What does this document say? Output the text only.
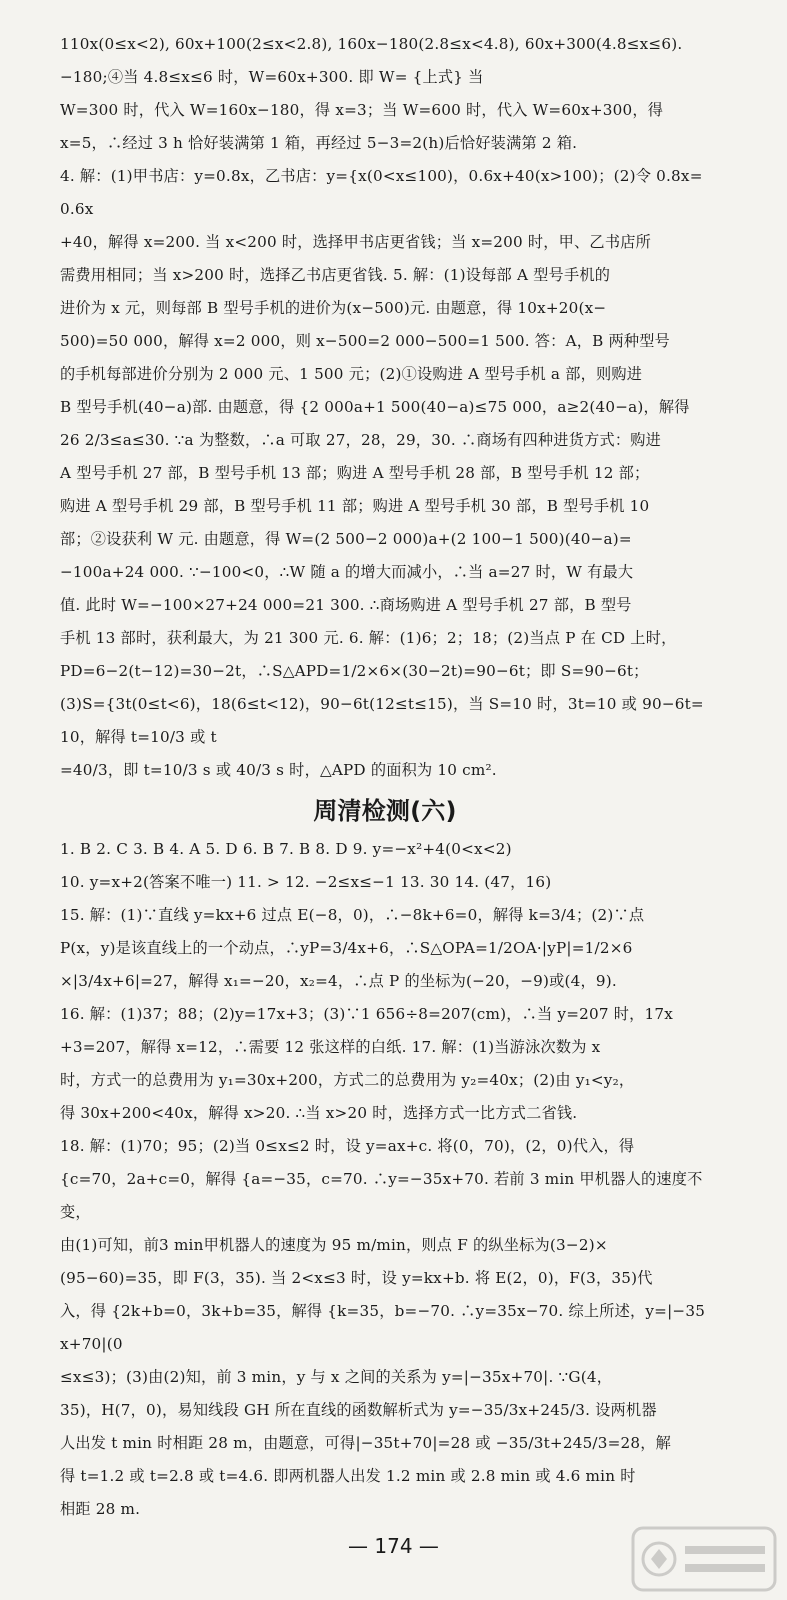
110x(0≤x<2), 60x+100(2≤x<2.8), 160x−180(2.8≤x<4.8), 60x+300(4.8≤x≤6).

−180;④当 4.8≤x≤6 时，W=60x+300. 即 W= {上式} 当

W=300 时，代入 W=160x−180，得 x=3；当 W=600 时，代入 W=60x+300，得

x=5，∴经过 3 h 恰好装满第 1 箱，再经过 5−3=2(h)后恰好装满第 2 箱.

4. 解：(1)甲书店：y=0.8x，乙书店：y={x(0<x≤100)，0.6x+40(x>100)；(2)令 0.8x=0.6x

+40，解得 x=200. 当 x<200 时，选择甲书店更省钱；当 x=200 时，甲、乙书店所

需费用相同；当 x>200 时，选择乙书店更省钱. 5. 解：(1)设每部 A 型号手机的

进价为 x 元，则每部 B 型号手机的进价为(x−500)元. 由题意，得 10x+20(x−

500)=50 000，解得 x=2 000，则 x−500=2 000−500=1 500. 答：A，B 两种型号

的手机每部进价分别为 2 000 元、1 500 元；(2)①设购进 A 型号手机 a 部，则购进

B 型号手机(40−a)部. 由题意，得 {2 000a+1 500(40−a)≤75 000，a≥2(40−a)，解得

26 2/3≤a≤30. ∵a 为整数，∴a 可取 27，28，29，30. ∴商场有四种进货方式：购进

A 型号手机 27 部，B 型号手机 13 部；购进 A 型号手机 28 部，B 型号手机 12 部；

购进 A 型号手机 29 部，B 型号手机 11 部；购进 A 型号手机 30 部，B 型号手机 10

部；②设获利 W 元. 由题意，得 W=(2 500−2 000)a+(2 100−1 500)(40−a)=

−100a+24 000. ∵−100<0，∴W 随 a 的增大而减小，∴当 a=27 时，W 有最大

值. 此时 W=−100×27+24 000=21 300. ∴商场购进 A 型号手机 27 部，B 型号

手机 13 部时，获利最大，为 21 300 元. 6. 解：(1)6；2；18；(2)当点 P 在 CD 上时，

PD=6−2(t−12)=30−2t，∴S△APD=1/2×6×(30−2t)=90−6t；即 S=90−6t；

(3)S={3t(0≤t<6)，18(6≤t<12)，90−6t(12≤t≤15)，当 S=10 时，3t=10 或 90−6t=10，解得 t=10/3 或 t

=40/3，即 t=10/3 s 或 40/3 s 时，△APD 的面积为 10 cm².

周清检测(六)

1. B 2. C 3. B 4. A 5. D 6. B 7. B 8. D 9. y=−x²+4(0<x<2)

10. y=x+2(答案不唯一) 11. > 12. −2≤x≤−1 13. 30 14. (47，16)

15. 解：(1)∵直线 y=kx+6 过点 E(−8，0)，∴−8k+6=0，解得 k=3/4；(2)∵点

P(x，y)是该直线上的一个动点，∴yP=3/4x+6，∴S△OPA=1/2OA·|yP|=1/2×6

×|3/4x+6|=27，解得 x₁=−20，x₂=4，∴点 P 的坐标为(−20，−9)或(4，9).

16. 解：(1)37；88；(2)y=17x+3；(3)∵1 656÷8=207(cm)，∴当 y=207 时，17x

+3=207，解得 x=12，∴需要 12 张这样的白纸. 17. 解：(1)当游泳次数为 x

时，方式一的总费用为 y₁=30x+200，方式二的总费用为 y₂=40x；(2)由 y₁<y₂，

得 30x+200<40x，解得 x>20. ∴当 x>20 时，选择方式一比方式二省钱.

18. 解：(1)70；95；(2)当 0≤x≤2 时，设 y=ax+c. 将(0，70)，(2，0)代入，得

{c=70，2a+c=0，解得 {a=−35，c=70. ∴y=−35x+70. 若前 3 min 甲机器人的速度不变，

由(1)可知，前3 min甲机器人的速度为 95 m/min，则点 F 的纵坐标为(3−2)×

(95−60)=35，即 F(3，35). 当 2<x≤3 时，设 y=kx+b. 将 E(2，0)，F(3，35)代

入，得 {2k+b=0，3k+b=35，解得 {k=35，b=−70. ∴y=35x−70. 综上所述，y=|−35x+70|(0

≤x≤3)；(3)由(2)知，前 3 min，y 与 x 之间的关系为 y=|−35x+70|. ∵G(4，

35)，H(7，0)，易知线段 GH 所在直线的函数解析式为 y=−35/3x+245/3. 设两机器

人出发 t min 时相距 28 m，由题意，可得|−35t+70|=28 或 −35/3t+245/3=28，解

得 t=1.2 或 t=2.8 或 t=4.6. 即两机器人出发 1.2 min 或 2.8 min 或 4.6 min 时

相距 28 m.

— 174 —
